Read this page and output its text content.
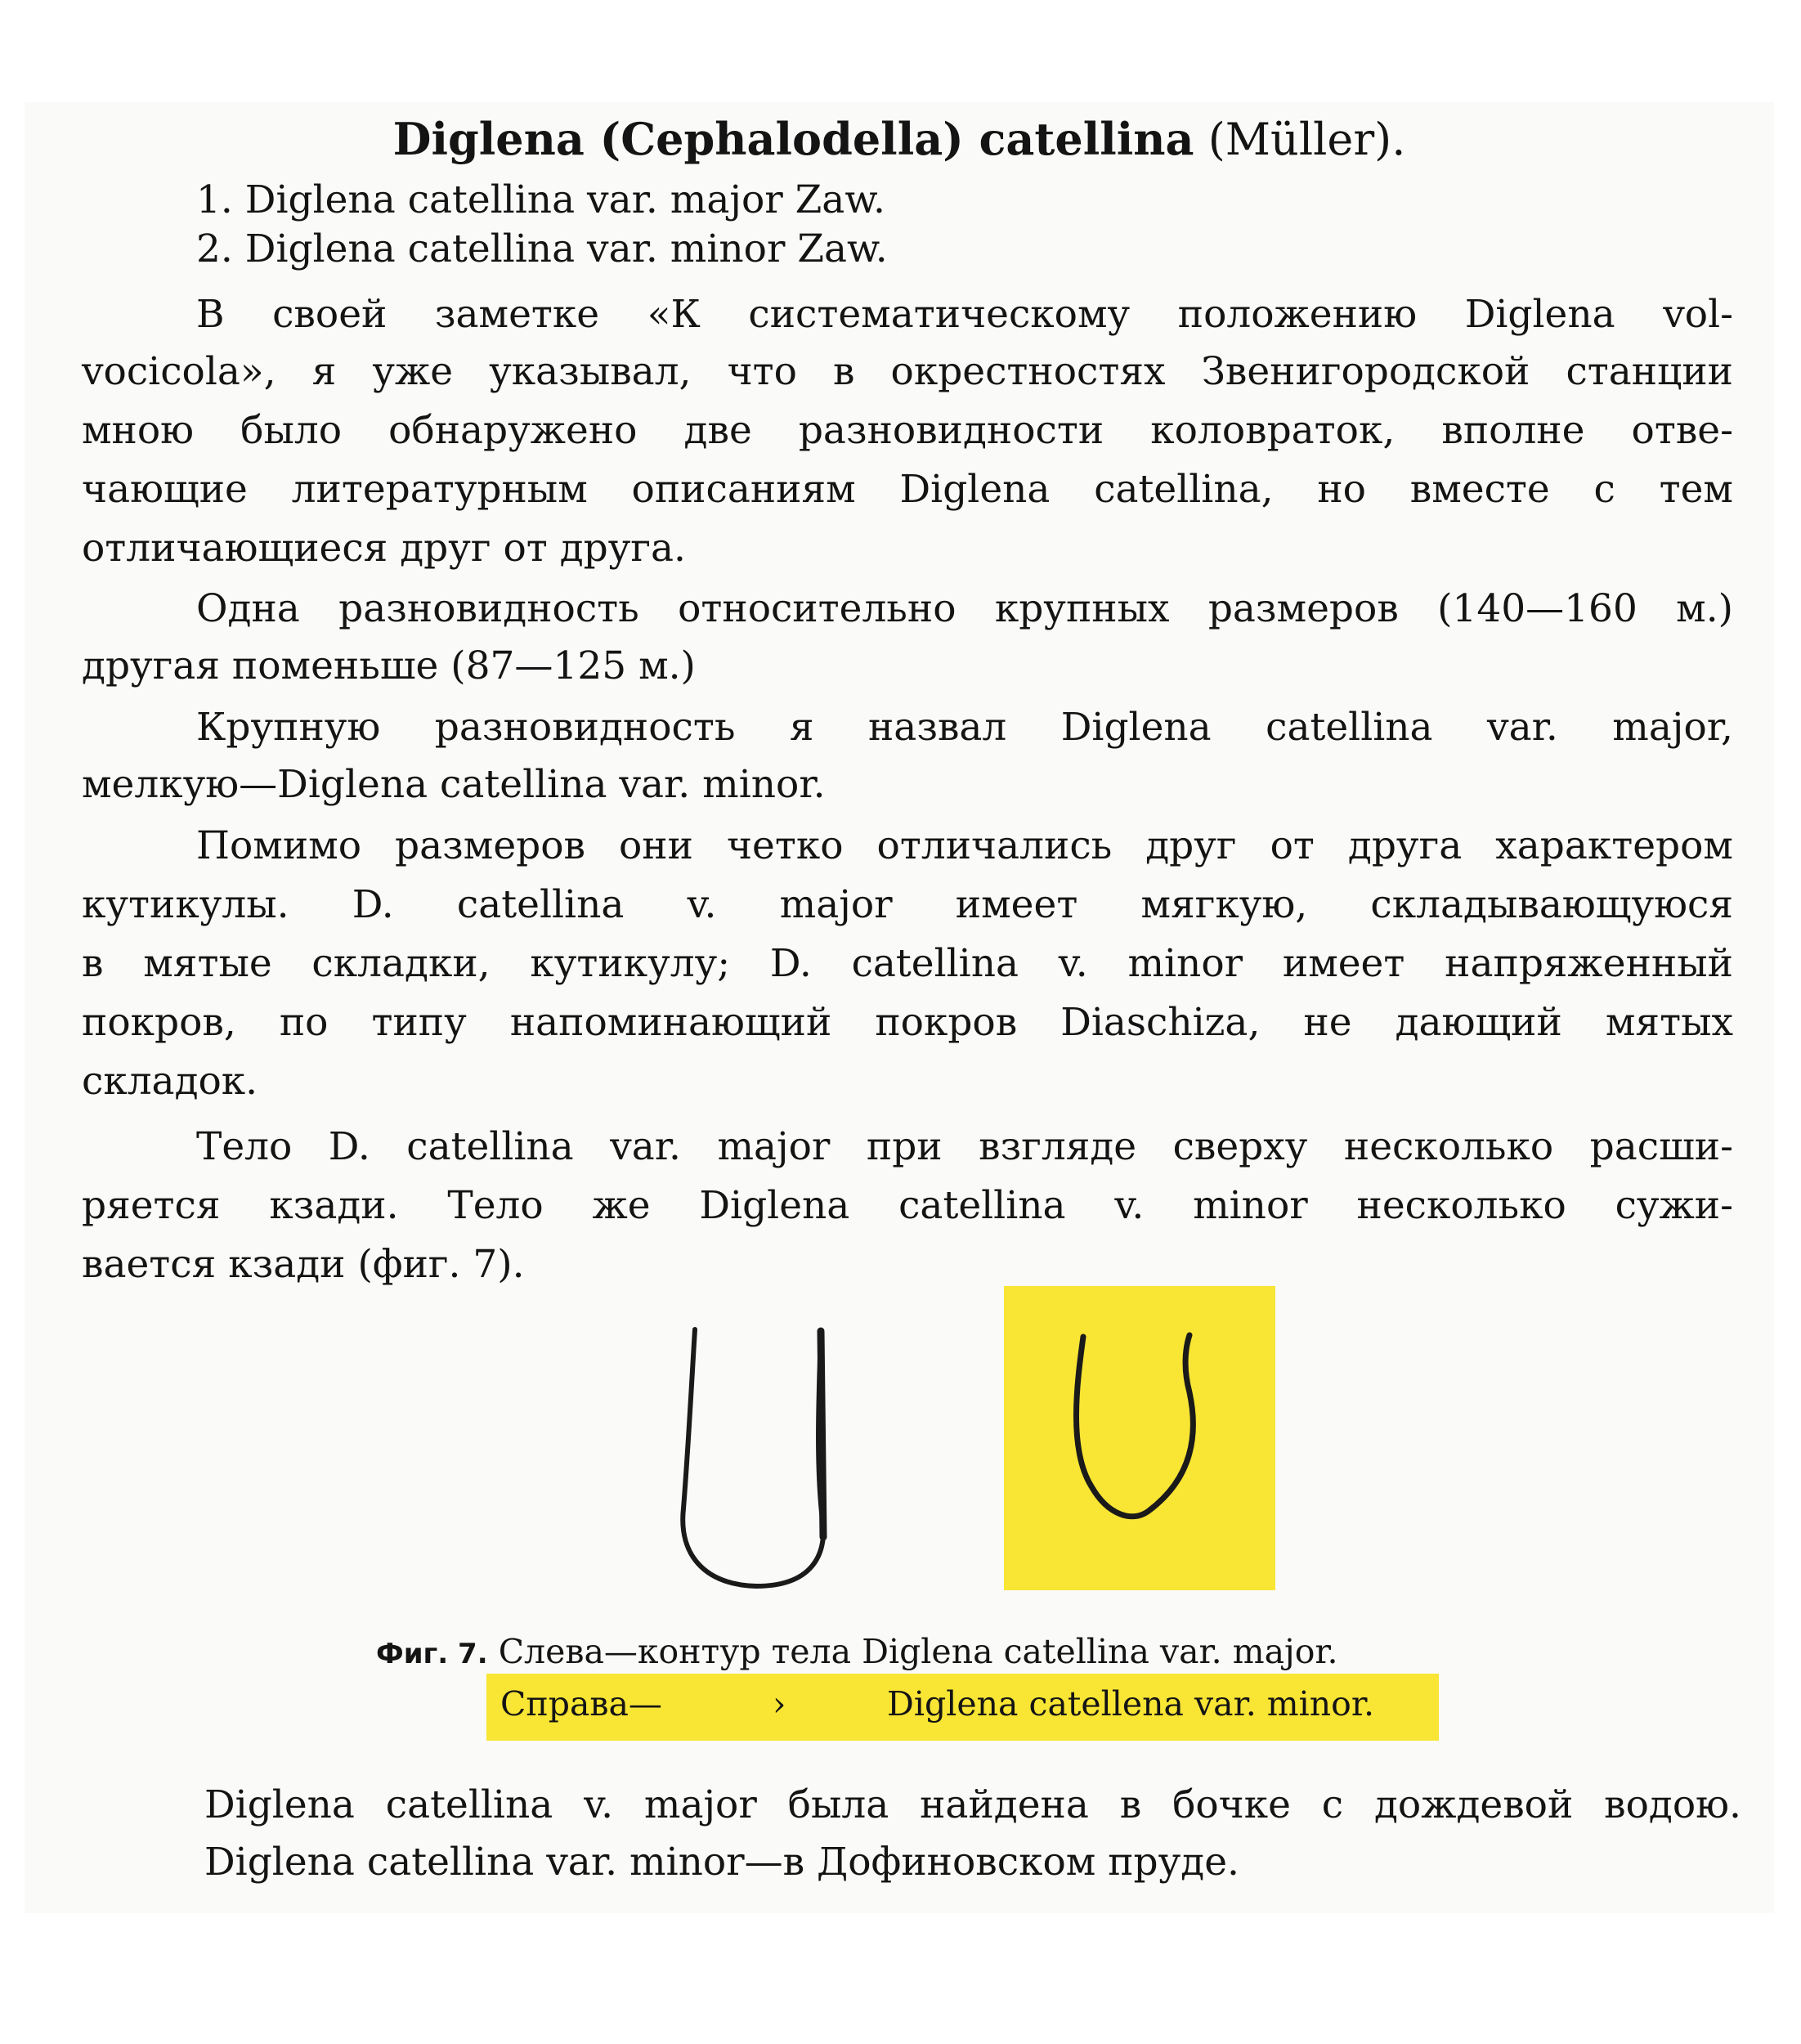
Diglena (Cephalodella) catellina (Müller).
1. Diglena catellina var. major Zaw.
2. Diglena catellina var. minor Zaw.
В своей заметке «К систематическому положению Diglena vol-
vocicola», я уже указывал, что в окрестностях Звенигородской станции
мною было обнаружено две разновидности коловраток, вполне отве-
чающие литературным описаниям Diglena catellina, но вместе с тем
отличающиеся друг от друга.
Одна разновидность относительно крупных размеров (140—160 м.)
другая поменьше (87—125 м.)
Крупную разновидность я назвал Diglena catellina var. major,
мелкую—Diglena catellina var. minor.
Помимо размеров они четко отличались друг от друга характером
кутикулы. D. catellina v. major имеет мягкую, складывающуюся
в мятые складки, кутикулу; D. catellina v. minor имеет напряженный
покров, по типу напоминающий покров Diaschiza, не дающий мятых
складок.
Тело D. catellina var. major при взгляде сверху несколько расши-
ряется кзади. Тело же Diglena catellina v. minor несколько сужи-
вается кзади (фиг. 7).
Фиг. 7. Слева—контур тела Diglena catellina var. major.
Справа—	›	Diglena catellena var. minor.
Diglena catellina v. major была найдена в бочке с дождевой водою.
Diglena catellina var. minor—в Дофиновском пруде.
